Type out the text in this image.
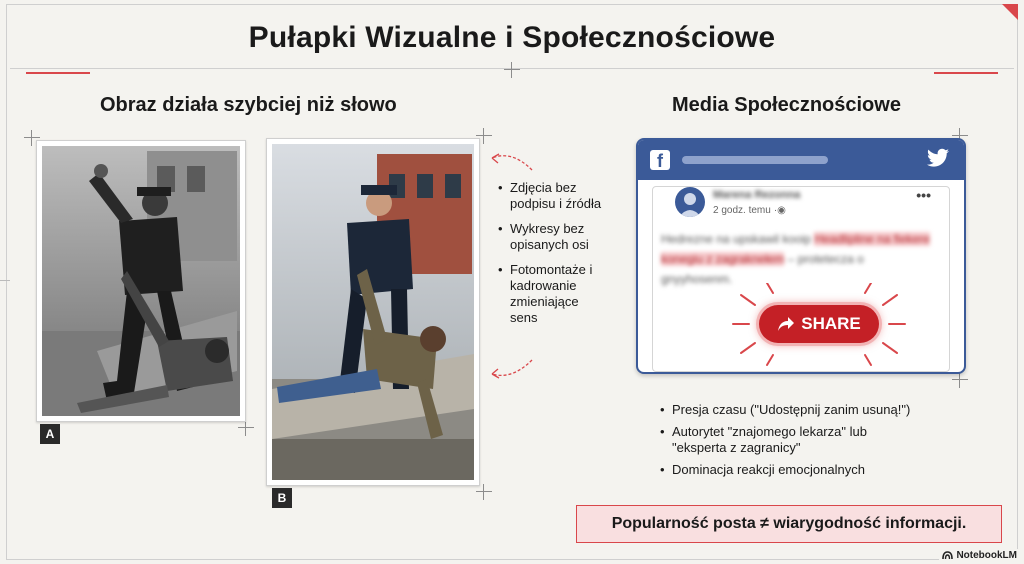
Pułapki Wizualne i Społecznościowe
Obraz działa szybciej niż słowo
A
B
• Zdjęcia bez podpisu i źródła
• Wykresy bez opisanych osi
• Fotomontaże i kadrowanie zmieniające sens
Media Społecznościowe
f
Marena Rezonna
2 godz. temu ·◉
•••
Hedrezne na upskawil kooip Headlipline na fiekere konegiu z zagraknełem – protetecza o gnyyhosenm.
SHARE
• Presja czasu ("Udostępnij zanim usuną!")
• Autorytet "znajomego lekarza" lub "eksperta z zagranicy"
• Dominacja reakcji emocjonalnych
Popularność posta ≠ wiarygodność informacji.
NotebookLM
